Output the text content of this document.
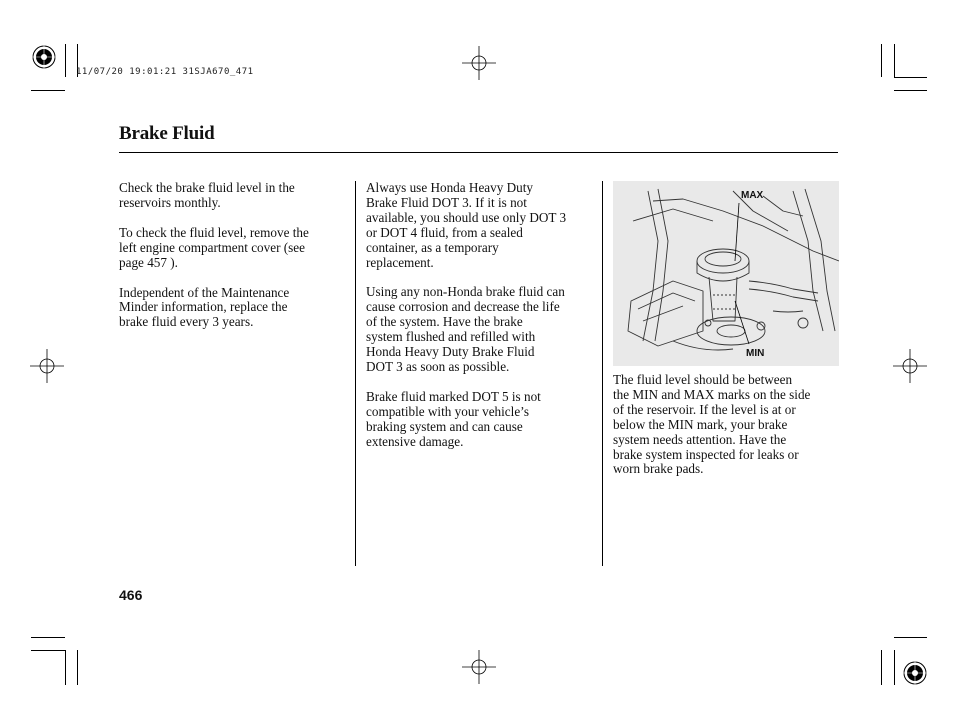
11/07/20 19:01:21 31SJA670_471
Brake Fluid

Check the brake fluid level in the
reservoirs monthly.

To check the fluid level, remove the
left engine compartment cover (see
page 457 ).

Independent of the Maintenance
Minder information, replace the
brake fluid every 3 years.

Always use Honda Heavy Duty
Brake Fluid DOT 3. If it is not
available, you should use only DOT 3
or DOT 4 fluid, from a sealed
container, as a temporary
replacement.

Using any non-Honda brake fluid can
cause corrosion and decrease the life
of the system. Have the brake
system flushed and refilled with
Honda Heavy Duty Brake Fluid
DOT 3 as soon as possible.

Brake fluid marked DOT 5 is not
compatible with your vehicle’s
braking system and can cause
extensive damage.

MAX
MIN

The fluid level should be between
the MIN and MAX marks on the side
of the reservoir. If the level is at or
below the MIN mark, your brake
system needs attention. Have the
brake system inspected for leaks or
worn brake pads.

466
